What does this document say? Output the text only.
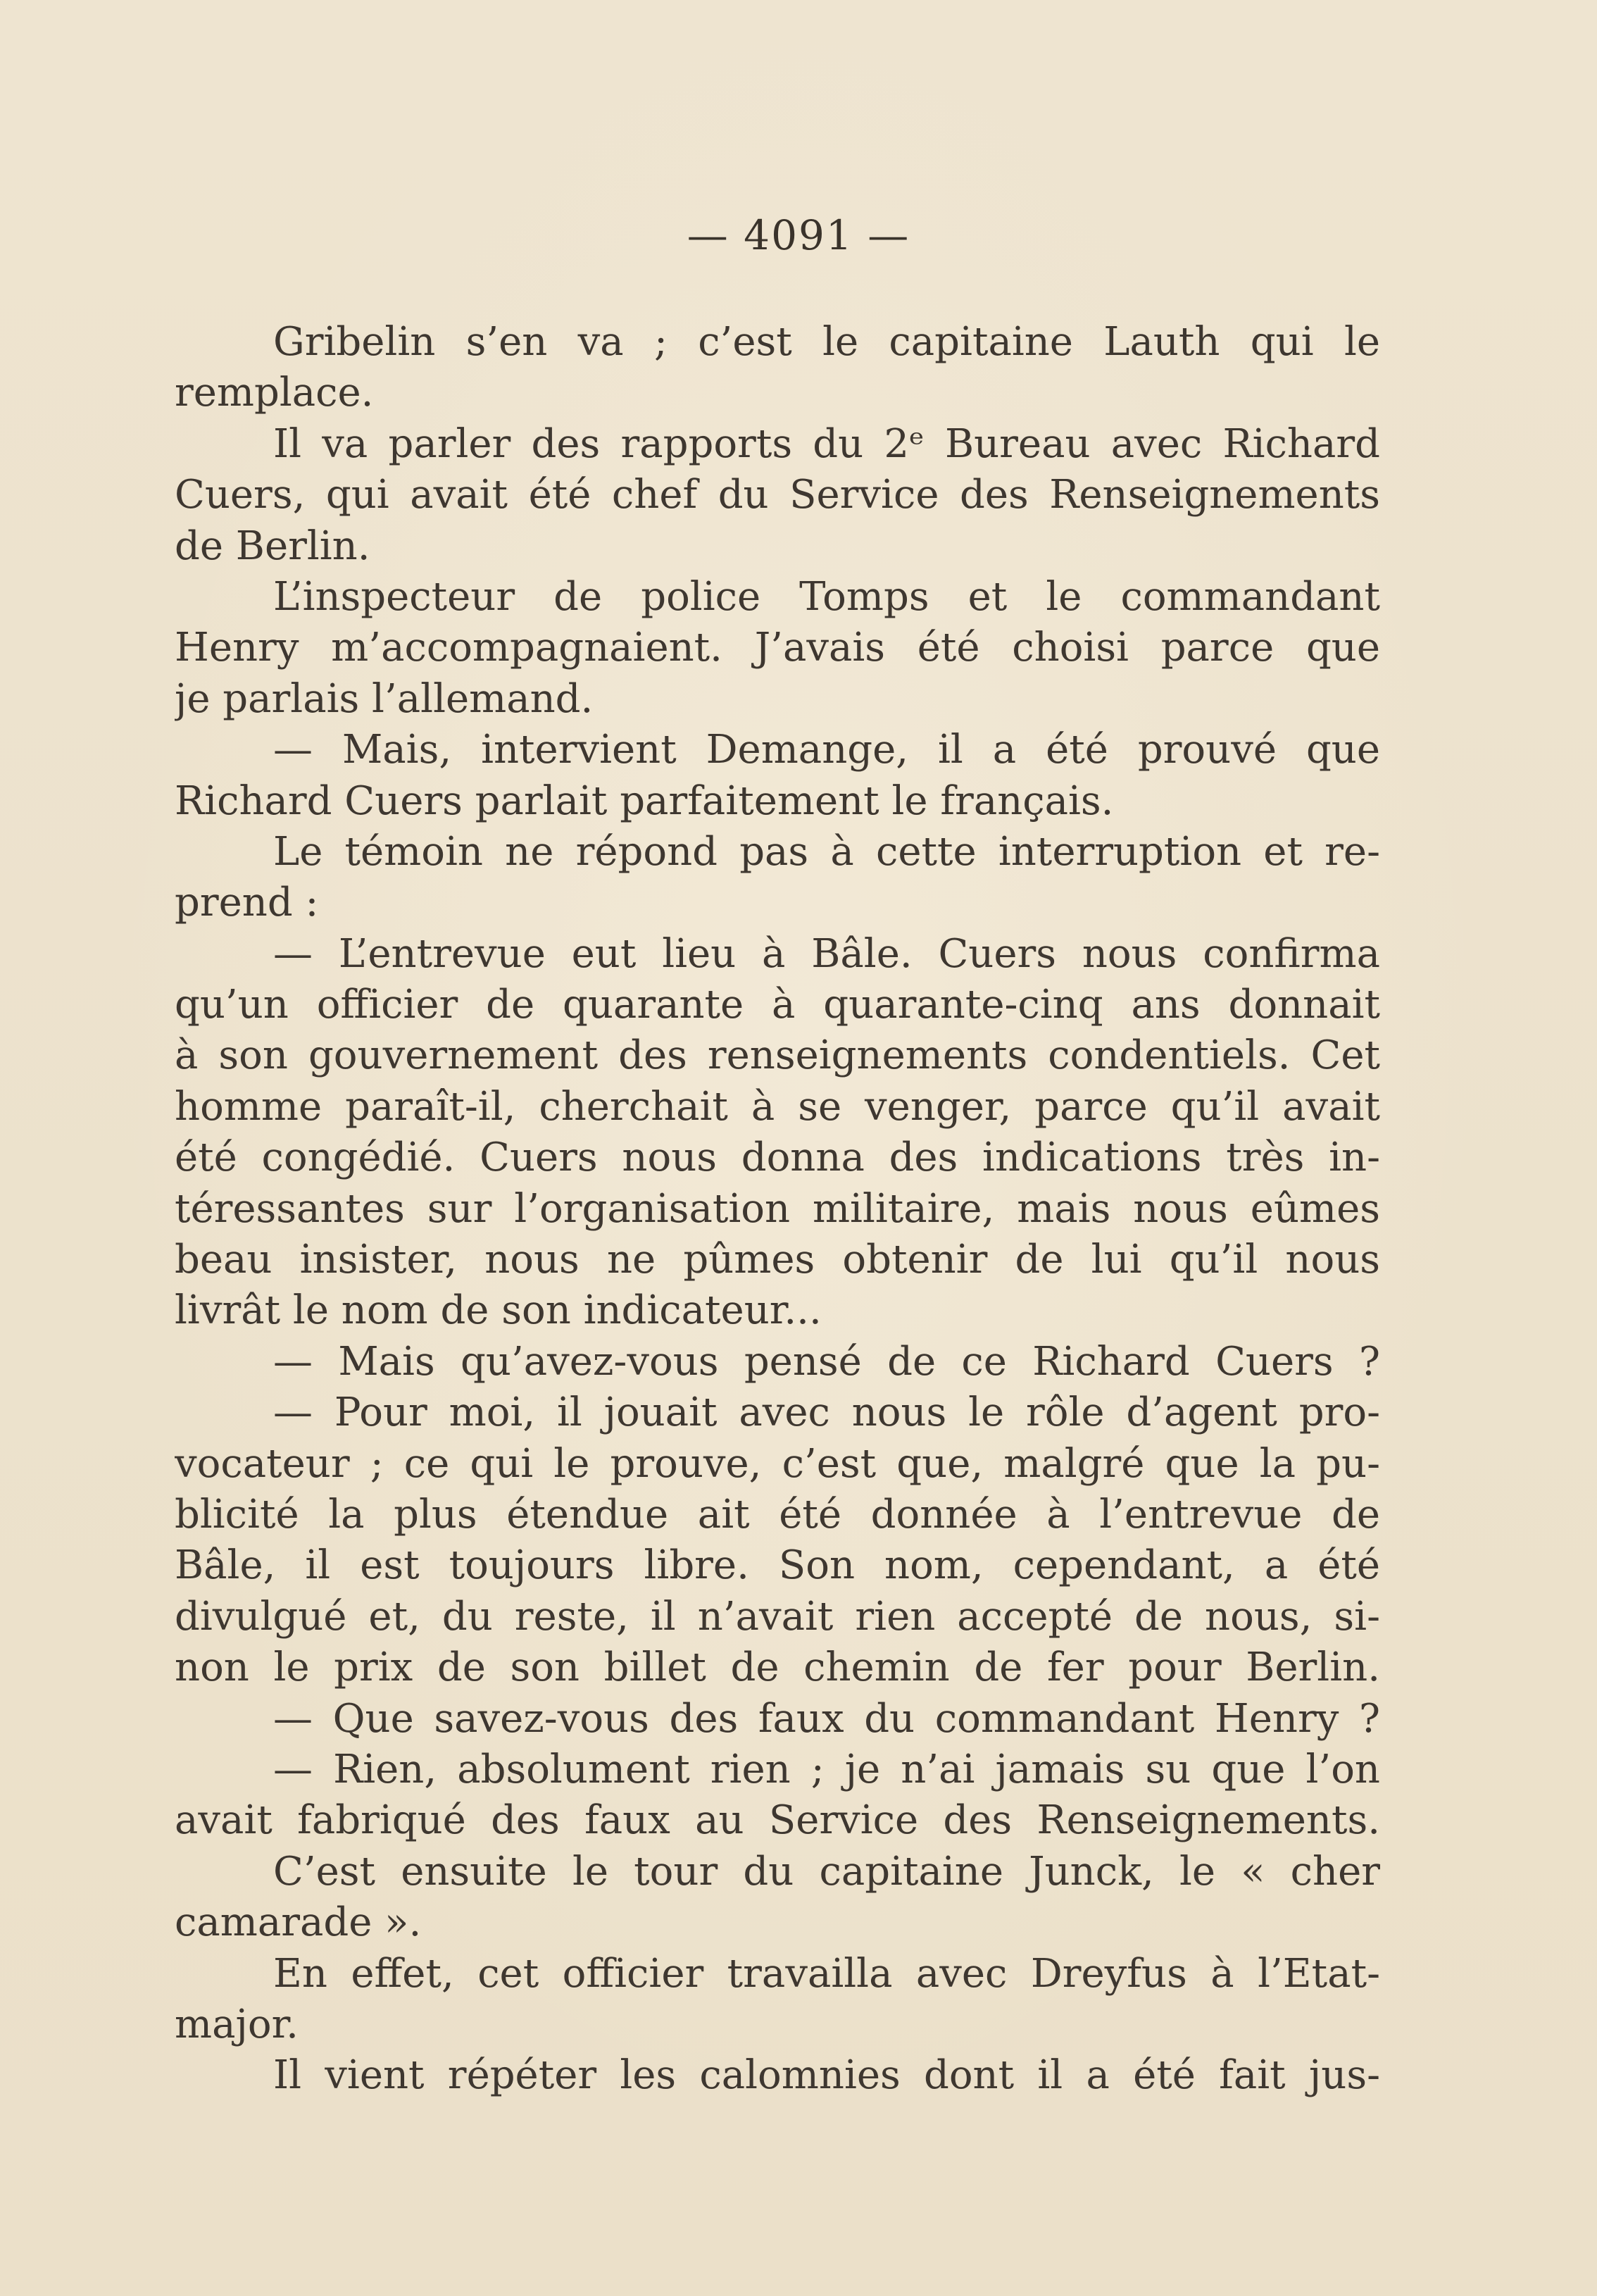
— 4091 —
Gribelin s’en va ; c’est le capitaine Lauth qui le
remplace.
Il va parler des rapports du 2ᵉ Bureau avec Richard
Cuers, qui avait été chef du Service des Renseignements
de Berlin.
L’inspecteur de police Tomps et le commandant
Henry m’accompagnaient. J’avais été choisi parce que
je parlais l’allemand.
— Mais, intervient Demange, il a été prouvé que
Richard Cuers parlait parfaitement le français.
Le témoin ne répond pas à cette interruption et re-
prend :
— L’entrevue eut lieu à Bâle. Cuers nous confirma
qu’un officier de quarante à quarante-cinq ans donnait
à son gouvernement des renseignements condentiels. Cet
homme paraît-il, cherchait à se venger, parce qu’il avait
été congédié. Cuers nous donna des indications très in-
téressantes sur l’organisation militaire, mais nous eûmes
beau insister, nous ne pûmes obtenir de lui qu’il nous
livrât le nom de son indicateur...
— Mais qu’avez-vous pensé de ce Richard Cuers ?
— Pour moi, il jouait avec nous le rôle d’agent pro-
vocateur ; ce qui le prouve, c’est que, malgré que la pu-
blicité la plus étendue ait été donnée à l’entrevue de
Bâle, il est toujours libre. Son nom, cependant, a été
divulgué et, du reste, il n’avait rien accepté de nous, si-
non le prix de son billet de chemin de fer pour Berlin.
— Que savez-vous des faux du commandant Henry ?
— Rien, absolument rien ; je n’ai jamais su que l’on
avait fabriqué des faux au Service des Renseignements.
C’est ensuite le tour du capitaine Junck, le « cher
camarade ».
En effet, cet officier travailla avec Dreyfus à l’Etat-
major.
Il vient répéter les calomnies dont il a été fait jus-
